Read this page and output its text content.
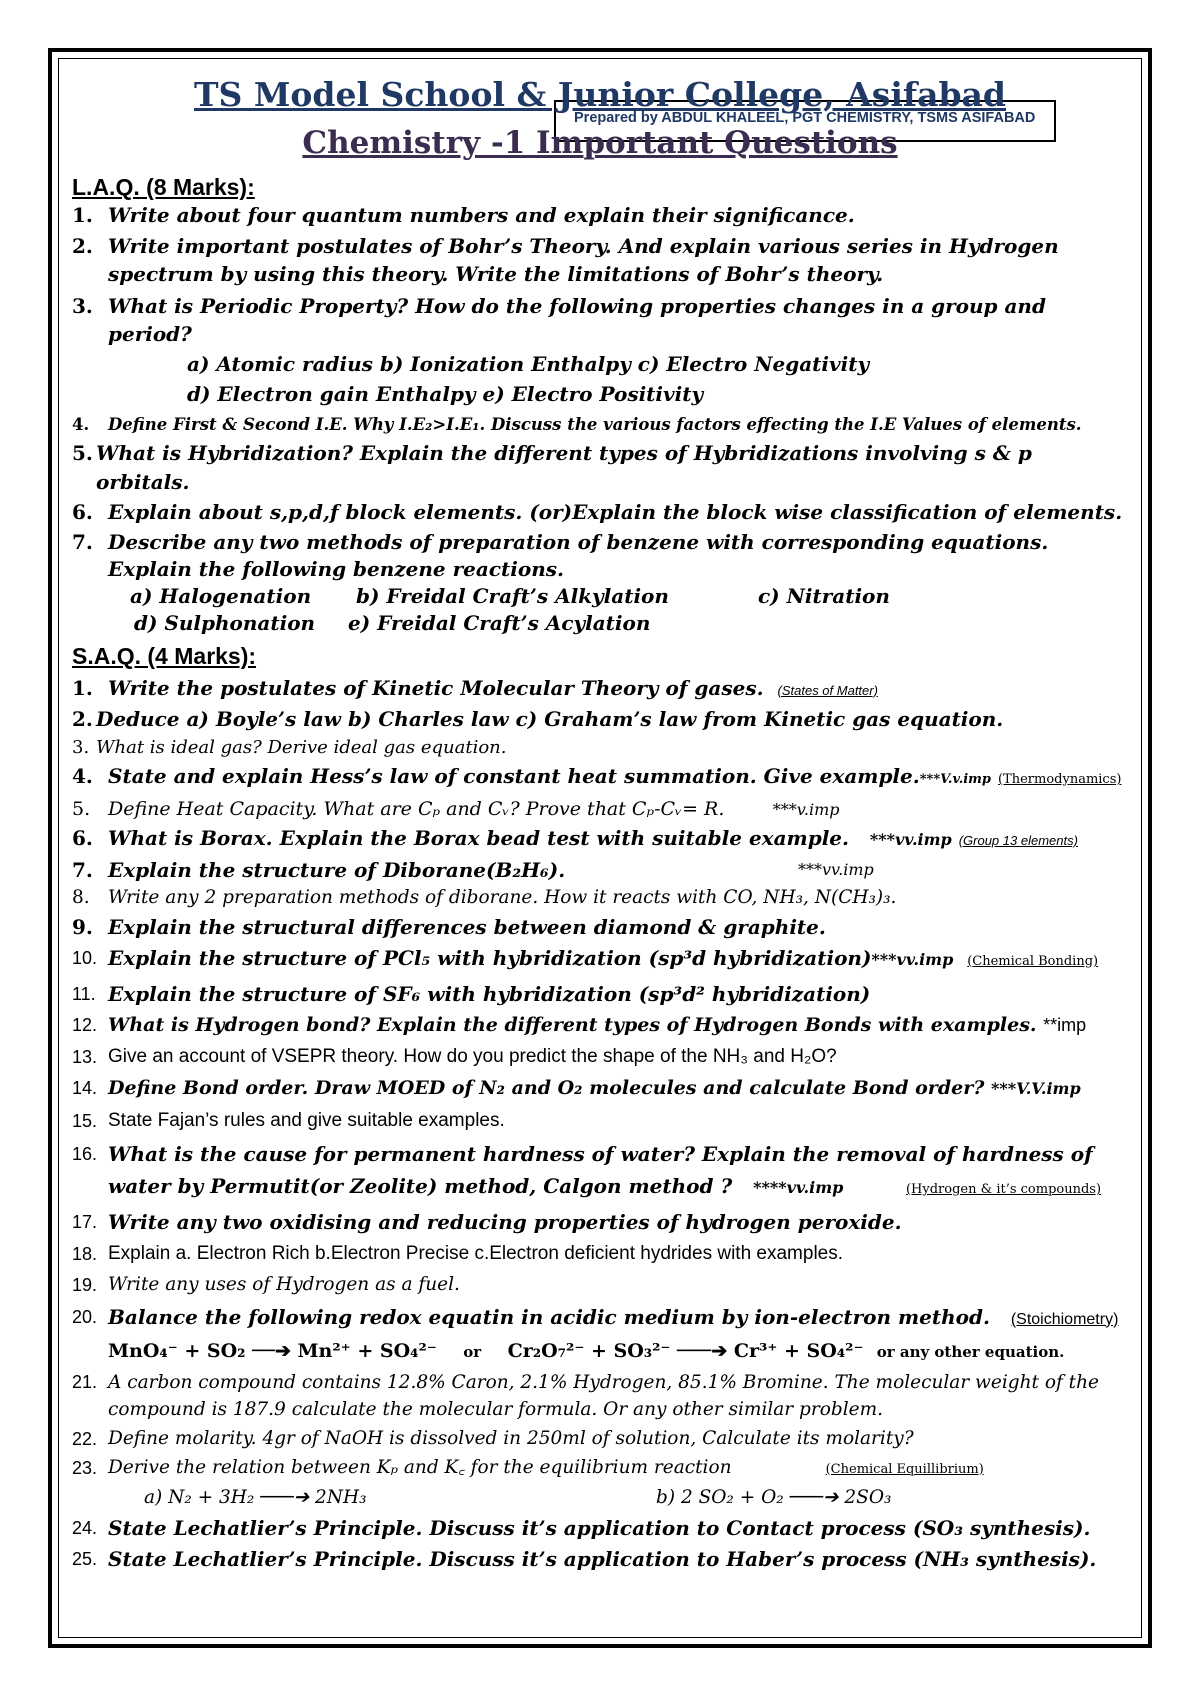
Prepared by ABDUL KHALEEL, PGT CHEMISTRY, TSMS ASIFABAD
TS Model School & Junior College, Asifabad
Chemistry -1 Important Questions
L.A.Q. (8 Marks):
1. Write about four quantum numbers and explain their significance.
2. Write important postulates of Bohr’s Theory. And explain various series in Hydrogen spectrum by using this theory. Write the limitations of Bohr’s theory.
3. What is Periodic Property? How do the following properties changes in a group and period?
a) Atomic radius b) Ionization Enthalpy c) Electro Negativity
d) Electron gain Enthalpy e) Electro Positivity
4. Define First & Second I.E. Why I.E₂>I.E₁. Discuss the various factors effecting the I.E Values of elements.
5. What is Hybridization? Explain the different types of Hybridizations involving s & p orbitals.
6. Explain about s,p,d,f block elements. (or)Explain the block wise classification of elements.
7. Describe any two methods of preparation of benzene with corresponding equations. Explain the following benzene reactions.
a) Halogenation b) Freidal Craft’s Alkylation	c) Nitration
d) Sulphonation e) Freidal Craft’s Acylation
S.A.Q. (4 Marks):
1. Write the postulates of Kinetic Molecular Theory of gases. (States of Matter)
2. Deduce a) Boyle’s law b) Charles law c) Graham’s law from Kinetic gas equation.
3. What is ideal gas? Derive ideal gas equation.
4. State and explain Hess’s law of constant heat summation. Give example.***V.v.imp (Thermodynamics)
5. Define Heat Capacity. What are Cₚ and Cᵥ? Prove that Cₚ-Cᵥ= R.	***v.imp
6. What is Borax. Explain the Borax bead test with suitable example. ***vv.imp (Group 13 elements)
7. Explain the structure of Diborane(B₂H₆).	***vv.imp
8. Write any 2 preparation methods of diborane. How it reacts with CO, NH₃, N(CH₃)₃.
9. Explain the structural differences between diamond & graphite.
10. Explain the structure of PCl₅ with hybridization (sp³d hybridization)***vv.imp (Chemical Bonding)
11. Explain the structure of SF₆ with hybridization (sp³d² hybridization)
12. What is Hydrogen bond? Explain the different types of Hydrogen Bonds with examples. **imp
13. Give an account of VSEPR theory. How do you predict the shape of the NH₃ and H₂O?
14. Define Bond order. Draw MOED of N₂ and O₂ molecules and calculate Bond order? ***V.V.imp
15. State Fajan’s rules and give suitable examples.
16. What is the cause for permanent hardness of water? Explain the removal of hardness of water by Permutit(or Zeolite) method, Calgon method ? ****vv.imp	(Hydrogen & it’s compounds)
17. Write any two oxidising and reducing properties of hydrogen peroxide.
18. Explain a. Electron Rich b.Electron Precise c.Electron deficient hydrides with examples.
19. Write any uses of Hydrogen as a fuel.
20. Balance the following redox equatin in acidic medium by ion-electron method. (Stoichiometry)
MnO₄⁻ + SO₂ ──➔ Mn²⁺ + SO₄²⁻ or Cr₂O₇²⁻ + SO₃²⁻ ───➔ Cr³⁺ + SO₄²⁻ or any other equation.
21. A carbon compound contains 12.8% Caron, 2.1% Hydrogen, 85.1% Bromine. The molecular weight of the compound is 187.9 calculate the molecular formula. Or any other similar problem.
22. Define molarity. 4gr of NaOH is dissolved in 250ml of solution, Calculate its molarity?
23. Derive the relation between Kₚ and K꜀ for the equilibrium reaction	(Chemical Equillibrium)
a) N₂ + 3H₂ ───➔ 2NH₃	b) 2 SO₂ + O₂ ───➔ 2SO₃
24. State Lechatlier’s Principle. Discuss it’s application to Contact process (SO₃ synthesis).
25. State Lechatlier’s Principle. Discuss it’s application to Haber’s process (NH₃ synthesis).
